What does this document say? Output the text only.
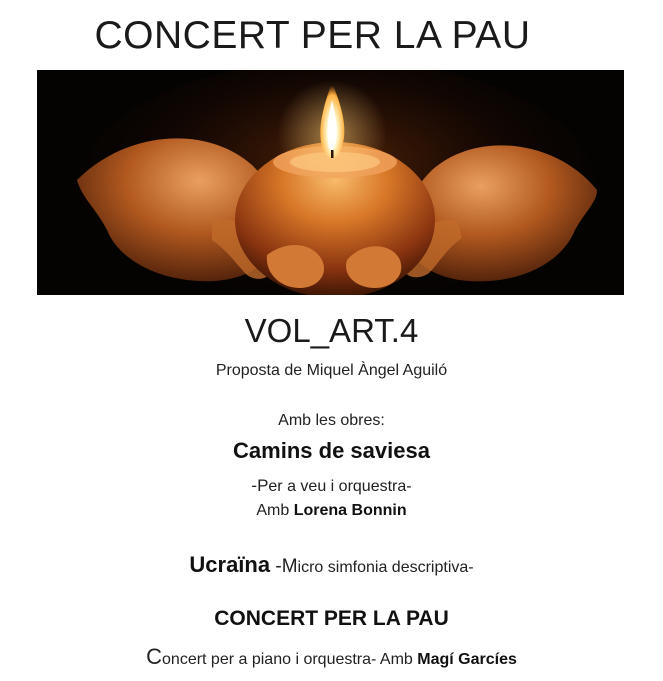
CONCERT PER LA PAU
VOL_ART.4
Proposta de Miquel Àngel Aguiló
Amb les obres:
Camins de saviesa
-Per a veu i orquestra-
Amb Lorena Bonnin
Ucraïna -Micro simfonia descriptiva-
CONCERT PER LA PAU
Concert per a piano i orquestra- Amb Magí Garcíes
